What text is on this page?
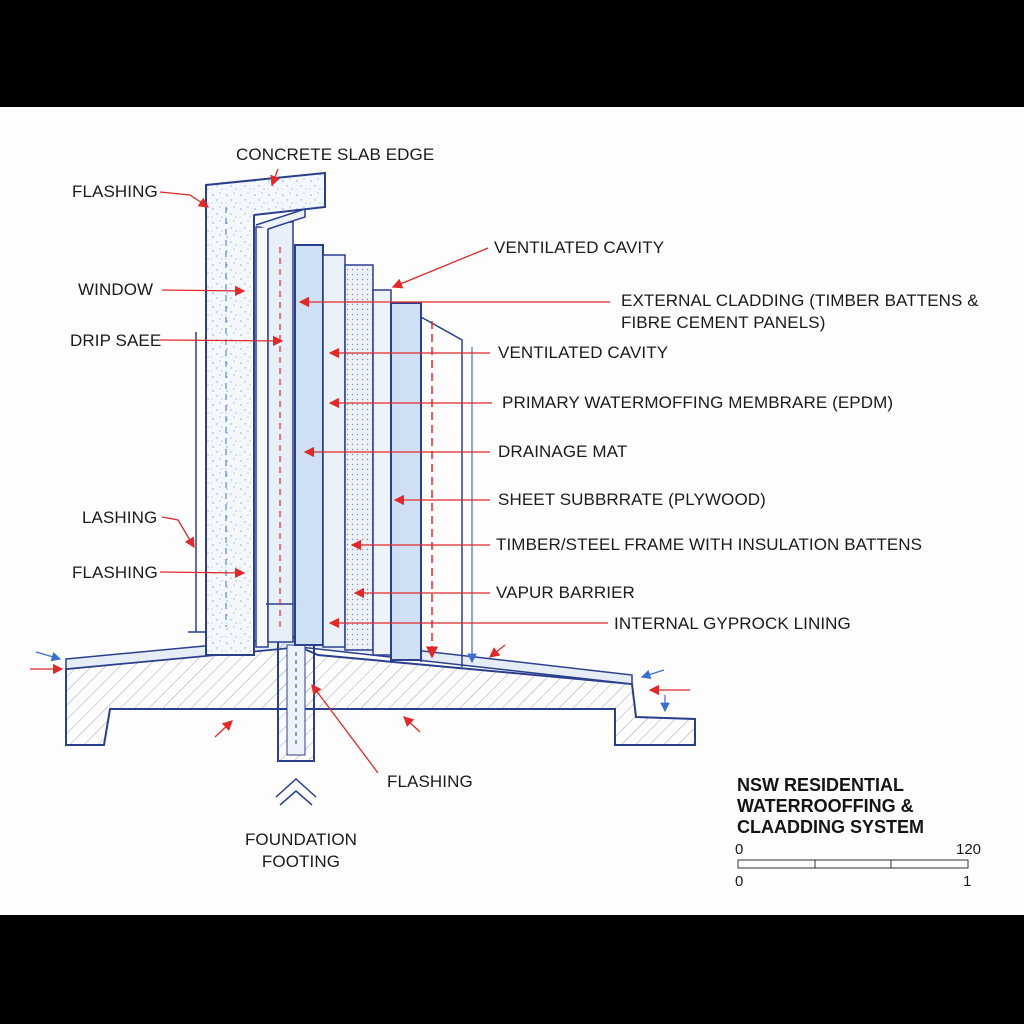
CONCRETE SLAB EDGE
FLASHING
WINDOW
DRIP SAEE
LASHING
FLASHING
VENTILATED CAVITY
EXTERNAL CLADDING (TIMBER BATTENS & FIBRE CEMENT PANELS)
VENTILATED CAVITY
PRIMARY WATERMOFFING MEMBRARE (EPDM)
DRAINAGE MAT
SHEET SUBBRRATE (PLYWOOD)
TIMBER/STEEL FRAME WITH INSULATION BATTENS
VAPUR BARRIER
INTERNAL GYPROCK LINING
FLASHING
FOUNDATION FOOTING
NSW RESIDENTIAL WATERROOFFING & CLAADDING SYSTEM
0	120
0	1
